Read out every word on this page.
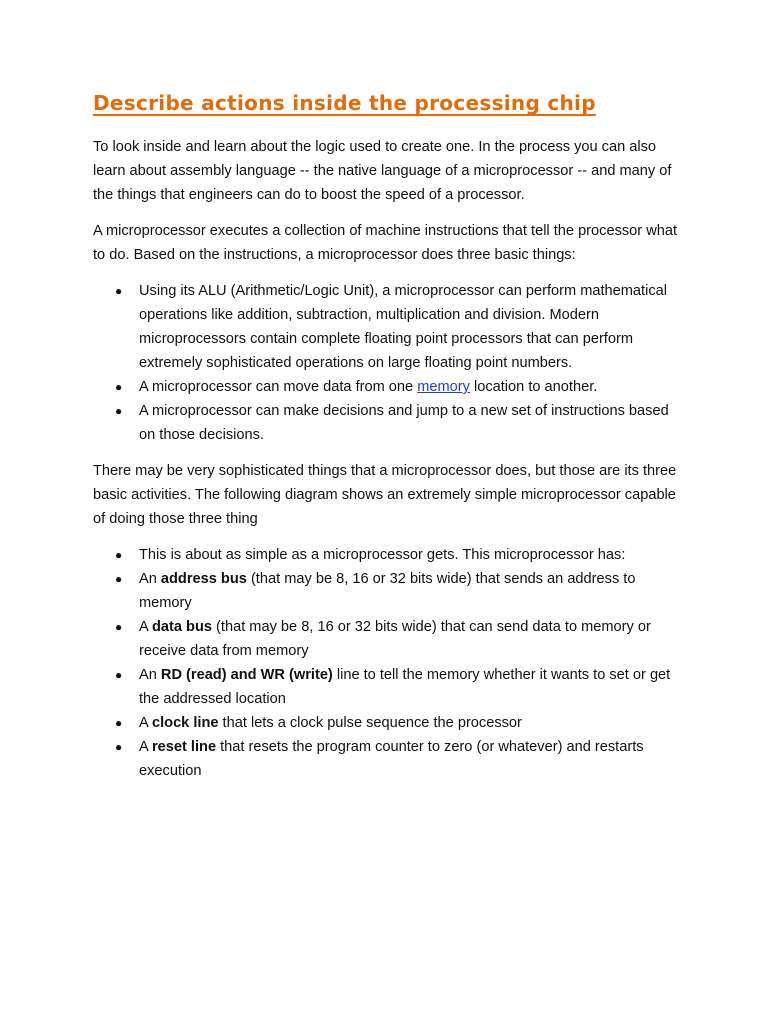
Describe actions inside the processing chip

To look inside and learn about the logic used to create one. In the process you can also learn about assembly language -- the native language of a microprocessor -- and many of the things that engineers can do to boost the speed of a processor.

A microprocessor executes a collection of machine instructions that tell the processor what to do. Based on the instructions, a microprocessor does three basic things:

● Using its ALU (Arithmetic/Logic Unit), a microprocessor can perform mathematical operations like addition, subtraction, multiplication and division. Modern microprocessors contain complete floating point processors that can perform extremely sophisticated operations on large floating point numbers.
● A microprocessor can move data from one memory location to another.
● A microprocessor can make decisions and jump to a new set of instructions based on those decisions.

There may be very sophisticated things that a microprocessor does, but those are its three basic activities. The following diagram shows an extremely simple microprocessor capable of doing those three thing

● This is about as simple as a microprocessor gets. This microprocessor has:
● An address bus (that may be 8, 16 or 32 bits wide) that sends an address to memory
● A data bus (that may be 8, 16 or 32 bits wide) that can send data to memory or receive data from memory
● An RD (read) and WR (write) line to tell the memory whether it wants to set or get the addressed location
● A clock line that lets a clock pulse sequence the processor
● A reset line that resets the program counter to zero (or whatever) and restarts execution
